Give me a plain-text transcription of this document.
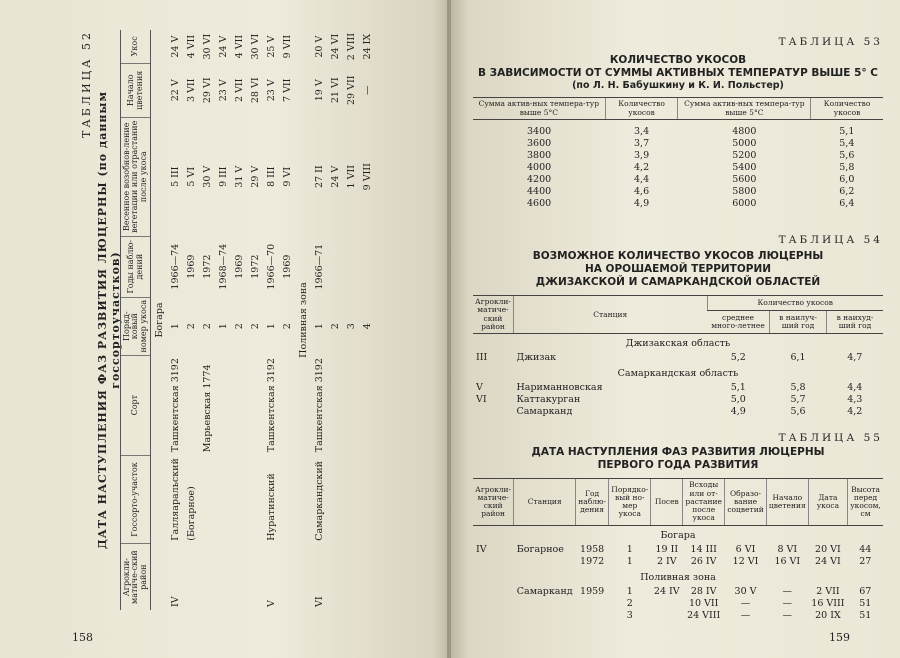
ТАБЛИЦА 52
ДАТА НАСТУПЛЕНИЯ ФАЗ РАЗВИТИЯ ЛЮЦЕРНЫ (по данным госсортоучастков)
Агрокли-матиче-ский район	Госсорто-участок	Сорт	Поряд-ковый номер укоса	Годы наблю-дений	Весенное возобнов-ление вегетации или отрастание после укоса	Начало цветения	Укос
Богара							
IV	Галляаральский	Ташкентская 3192	1	1966—74	5 III	22 V	24 V
	(Богарное)		2	1969	5 VI	3 VII	4 VII
		Марьевская 1774	2	1972	30 V	29 VI	30 VI
			1	1968—74	9 III	23 V	24 V
			2	1969	31 V	2 VII	4 VII
			2	1972	29 V	28 VI	30 VI
V	Нуратинский	Ташкентская 3192	1	1966—70	8 III	23 V	25 V
			2	1969	9 VI	7 VII	9 VII
Поливная зона							
VI	Самаркандский	Ташкентская 3192	1	1966—71	27 II	19 V	20 V
			2		24 V	21 VI	24 VI
			3		1 VII	29 VII	2 VIII
			4		9 VIII	—	24 IX
158
ТАБЛИЦА 53
КОЛИЧЕСТВО УКОСОВ
В ЗАВИСИМОСТИ ОТ СУММЫ АКТИВНЫХ ТЕМПЕРАТУР ВЫШЕ 5° С
(по Л. Н. Бабушкину и К. И. Польстер)
Сумма актив-ных темпера-тур выше 5°С	Количество укосов	Сумма актив-ных темпера-тур выше 5°С	Количество укосов

3400	3,4	4800	5,1
3600	3,7	5000	5,4
3800	3,9	5200	5,6
4000	4,2	5400	5,8
4200	4,4	5600	6,0
4400	4,6	5800	6,2
4600	4,9	6000	6,4
ТАБЛИЦА 54
ВОЗМОЖНОЕ КОЛИЧЕСТВО УКОСОВ ЛЮЦЕРНЫ
НА ОРОШАЕМОЙ ТЕРРИТОРИИ
ДЖИЗАКСКОЙ И САМАРКАНДСКОЙ ОБЛАСТЕЙ
Агрокли-матиче-ский район	Станция	Количество укосов		
		среднее много-летнее	в наилуч-ший год	в наихуд-ший год
Джизакская область				
III	Джизак	5,2	6,1	4,7
Самаркандская область				
V	Нариманновская	5,1	5,8	4,4
VI	Каттакурган	5,0	5,7	4,3
	Самарканд	4,9	5,6	4,2
ТАБЛИЦА 55
ДАТА НАСТУПЛЕНИЯ ФАЗ РАЗВИТИЯ ЛЮЦЕРНЫ
ПЕРВОГО ГОДА РАЗВИТИЯ
Агрокли-матиче-ский район	Станция	Год наблю-дения	Порядко-вый но-мер укоса	Посев	Всходы или от-растание после укоса	Образо-вание соцветий	Начало цветения	Дата укоса	Высота перед укосом, см
Богара									
IV	Богарное	1958	1	19 II	14 III	6 VI	8 VI	20 VI	44
		1972	1	2 IV	26 IV	12 VI	16 VI	24 VI	27
Поливная зона									
	Самарканд	1959	1	24 IV	28 IV	30 V	—	2 VII	67
			2		10 VII	—	—	16 VIII	51
			3		24 VIII	—	—	20 IX	51
159
